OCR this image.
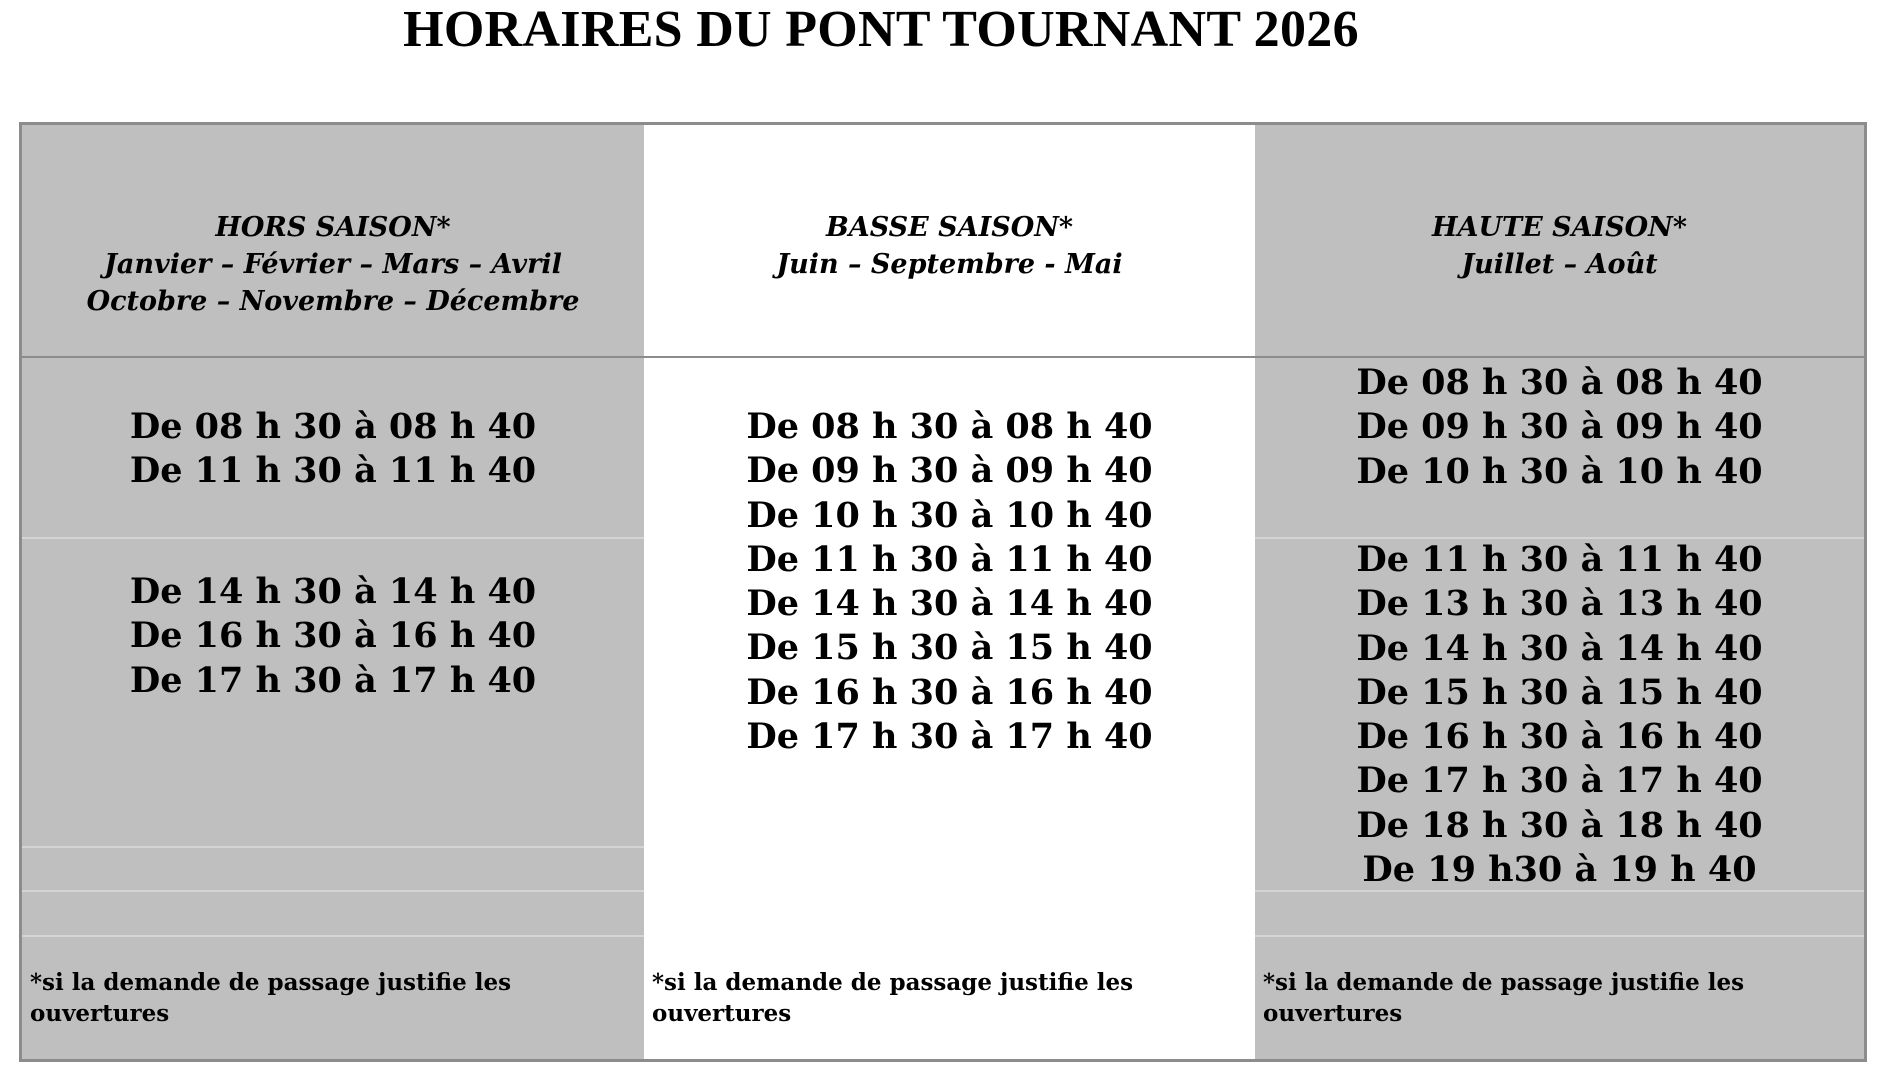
HORAIRES DU PONT TOURNANT 2026
HORS SAISON*
Janvier – Février – Mars – Avril
Octobre – Novembre – Décembre
De 08 h 30 à 08 h 40
De 11 h 30 à 11 h 40
De 14 h 30 à 14 h 40
De 16 h 30 à 16 h 40
De 17 h 30 à 17 h 40
*si la demande de passage justifie les ouvertures
BASSE SAISON*
Juin – Septembre - Mai
De 08 h 30 à 08 h 40
De 09 h 30 à 09 h 40
De 10 h 30 à 10 h 40
De 11 h 30 à 11 h 40
De 14 h 30 à 14 h 40
De 15 h 30 à 15 h 40
De 16 h 30 à 16 h 40
De 17 h 30 à 17 h 40
*si la demande de passage justifie les ouvertures
HAUTE SAISON*
Juillet – Août
De 08 h 30 à 08 h 40
De 09 h 30 à 09 h 40
De 10 h 30 à 10 h 40
De 11 h 30 à 11 h 40
De 13 h 30 à 13 h 40
De 14 h 30 à 14 h 40
De 15 h 30 à 15 h 40
De 16 h 30 à 16 h 40
De 17 h 30 à 17 h 40
De 18 h 30 à 18 h 40
De 19 h30 à 19 h 40
*si la demande de passage justifie les ouvertures
